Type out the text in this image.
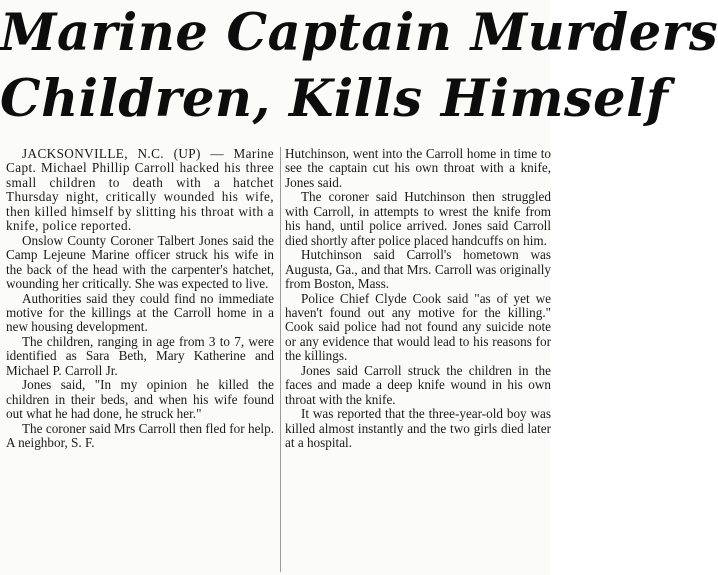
Marine Captain Murders
Children, Kills Himself

JACKSONVILLE, N.C. (UP) — Marine Capt. Michael Phillip Carroll hacked his three small children to death with a hatchet Thursday night, critically wounded his wife, then killed himself by slitting his throat with a knife, police reported.

Onslow County Coroner Talbert Jones said the Camp Lejeune Marine officer struck his wife in the back of the head with the carpenter's hatchet, wounding her critically. She was expected to live.

Authorities said they could find no immediate motive for the killings at the Carroll home in a new housing development.

The children, ranging in age from 3 to 7, were identified as Sara Beth, Mary Katherine and Michael P. Carroll Jr.

Jones said, "In my opinion he killed the children in their beds, and when his wife found out what he had done, he struck her."

The coroner said Mrs Carroll then fled for help. A neighbor, S. F.

Hutchinson, went into the Carroll home in time to see the captain cut his own throat with a knife, Jones said.

The coroner said Hutchinson then struggled with Carroll, in attempts to wrest the knife from his hand, until police arrived. Jones said Carroll died shortly after police placed handcuffs on him.

Hutchinson said Carroll's hometown was Augusta, Ga., and that Mrs. Carroll was originally from Boston, Mass.

Police Chief Clyde Cook said "as of yet we haven't found out any motive for the killing." Cook said police had not found any suicide note or any evidence that would lead to his reasons for the killings.

Jones said Carroll struck the children in the faces and made a deep knife wound in his own throat with the knife.

It was reported that the three-year-old boy was killed almost instantly and the two girls died later at a hospital.
